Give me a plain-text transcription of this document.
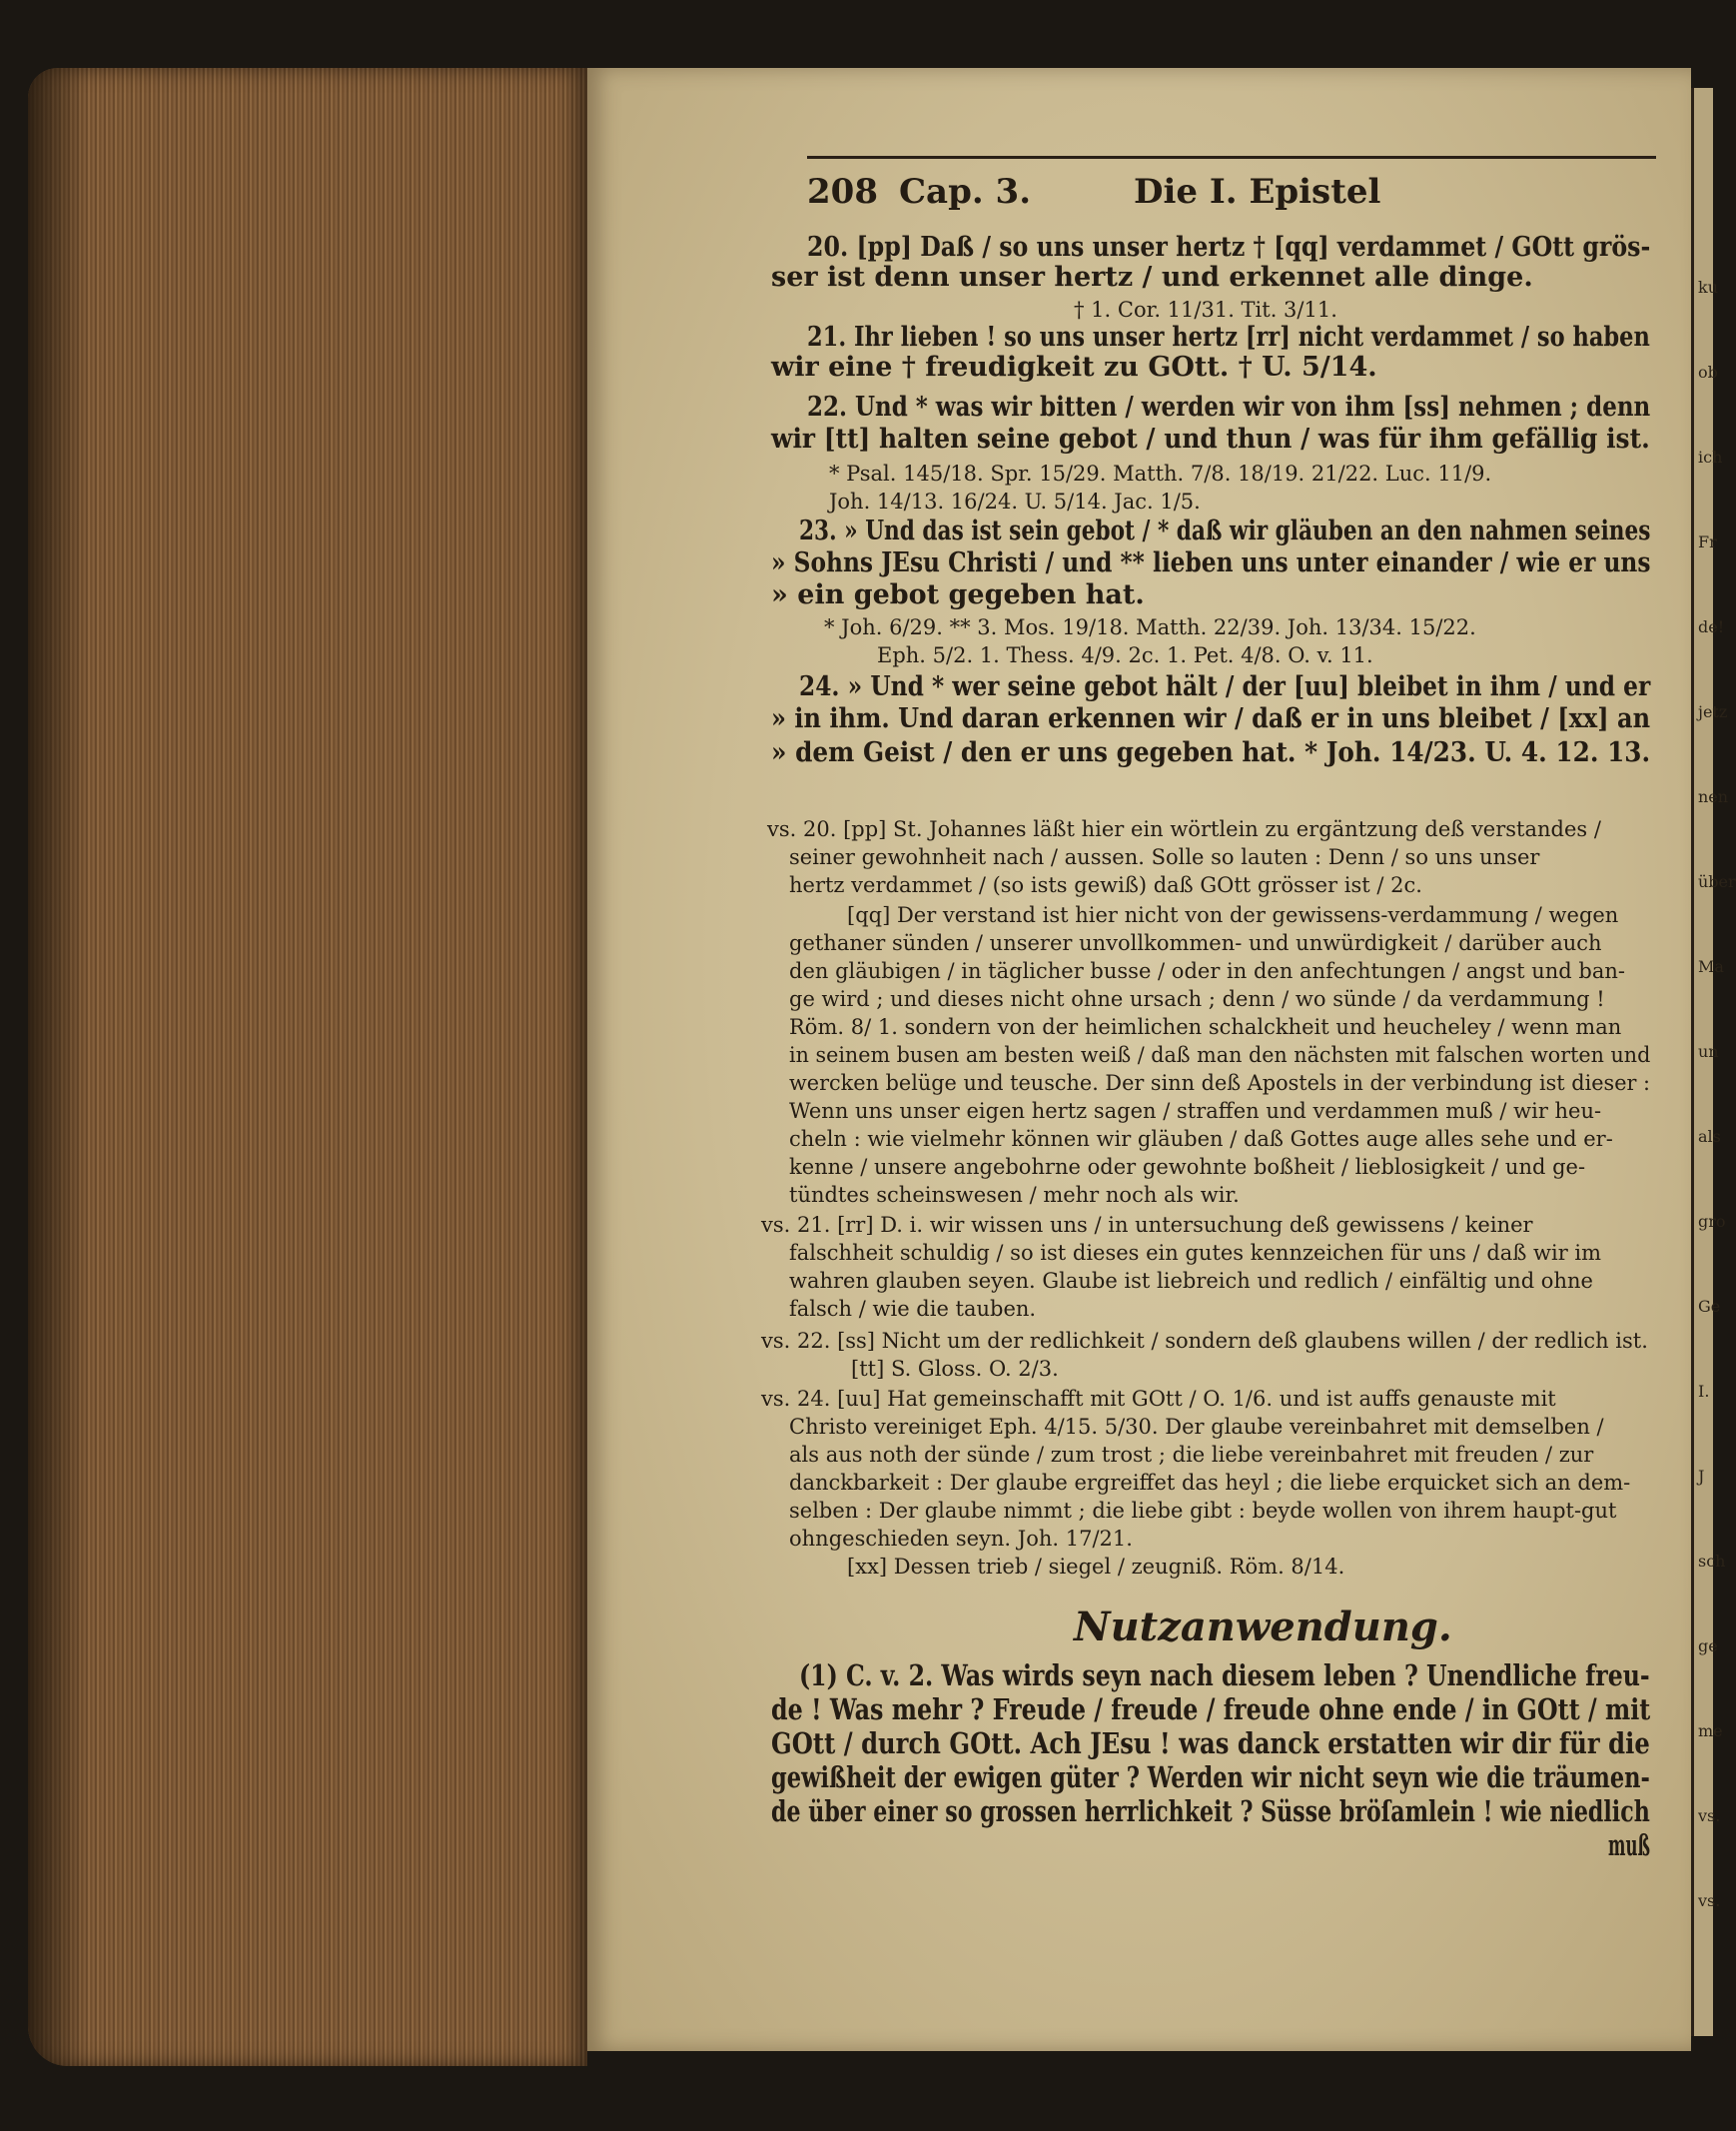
ku
ob
ich
Fr
de!
jetz
nen
über
Ma
un
als
gro
Ge
I.
J
sch
ge
me
vs.
vs.
208 Cap. 3.	Die I. Epistel
20. [pp] Daß / so uns unser hertz † [qq] verdammet / GOtt grös-
ser ist denn unser hertz / und erkennet alle dinge.
† 1. Cor. 11/31. Tit. 3/11.
21. Ihr lieben ! so uns unser hertz [rr] nicht verdammet / so haben
wir eine † freudigkeit zu GOtt. † U. 5/14.
22. Und * was wir bitten / werden wir von ihm [ss] nehmen ; denn
wir [tt] halten seine gebot / und thun / was für ihm gefällig ist.
* Psal. 145/18. Spr. 15/29. Matth. 7/8. 18/19. 21/22. Luc. 11/9.
Joh. 14/13. 16/24. U. 5/14. Jac. 1/5.
23. » Und das ist sein gebot / * daß wir gläuben an den nahmen seines
» Sohns JEsu Christi / und ** lieben uns unter einander / wie er uns
» ein gebot gegeben hat.
* Joh. 6/29. ** 3. Mos. 19/18. Matth. 22/39. Joh. 13/34. 15/22.
Eph. 5/2. 1. Thess. 4/9. 2c. 1. Pet. 4/8. O. v. 11.
24. » Und * wer seine gebot hält / der [uu] bleibet in ihm / und er
» in ihm. Und daran erkennen wir / daß er in uns bleibet / [xx] an
» dem Geist / den er uns gegeben hat. * Joh. 14/23. U. 4. 12. 13.
vs. 20. [pp] St. Johannes läßt hier ein wörtlein zu ergäntzung deß verstandes /
seiner gewohnheit nach / aussen. Solle so lauten : Denn / so uns unser
hertz verdammet / (so ists gewiß) daß GOtt grösser ist / 2c.
[qq] Der verstand ist hier nicht von der gewissens-verdammung / wegen
gethaner sünden / unserer unvollkommen- und unwürdigkeit / darüber auch
den gläubigen / in täglicher busse / oder in den anfechtungen / angst und ban-
ge wird ; und dieses nicht ohne ursach ; denn / wo sünde / da verdammung !
Röm. 8/ 1. sondern von der heimlichen schalckheit und heucheley / wenn man
in seinem busen am besten weiß / daß man den nächsten mit falschen worten und
wercken belüge und teusche. Der sinn deß Apostels in der verbindung ist dieser :
Wenn uns unser eigen hertz sagen / straffen und verdammen muß / wir heu-
cheln : wie vielmehr können wir gläuben / daß Gottes auge alles sehe und er-
kenne / unsere angebohrne oder gewohnte boßheit / lieblosigkeit / und ge-
tündtes scheinswesen / mehr noch als wir.
vs. 21. [rr] D. i. wir wissen uns / in untersuchung deß gewissens / keiner
falschheit schuldig / so ist dieses ein gutes kennzeichen für uns / daß wir im
wahren glauben seyen. Glaube ist liebreich und redlich / einfältig und ohne
falsch / wie die tauben.
vs. 22. [ss] Nicht um der redlichkeit / sondern deß glaubens willen / der redlich ist.
[tt] S. Gloss. O. 2/3.
vs. 24. [uu] Hat gemeinschafft mit GOtt / O. 1/6. und ist auffs genauste mit
Christo vereiniget Eph. 4/15. 5/30. Der glaube vereinbahret mit demselben /
als aus noth der sünde / zum trost ; die liebe vereinbahret mit freuden / zur
danckbarkeit : Der glaube ergreiffet das heyl ; die liebe erquicket sich an dem-
selben : Der glaube nimmt ; die liebe gibt : beyde wollen von ihrem haupt-gut
ohngeschieden seyn. Joh. 17/21.
[xx] Dessen trieb / siegel / zeugniß. Röm. 8/14.
Nutzanwendung.
(1) C. v. 2. Was wirds seyn nach diesem leben ? Unendliche freu-
de ! Was mehr ? Freude / freude / freude ohne ende / in GOtt / mit
GOtt / durch GOtt. Ach JEsu ! was danck erstatten wir dir für die
gewißheit der ewigen güter ? Werden wir nicht seyn wie die träumen-
de über einer so grossen herrlichkeit ? Süsse bröſamlein ! wie niedlich
muß
